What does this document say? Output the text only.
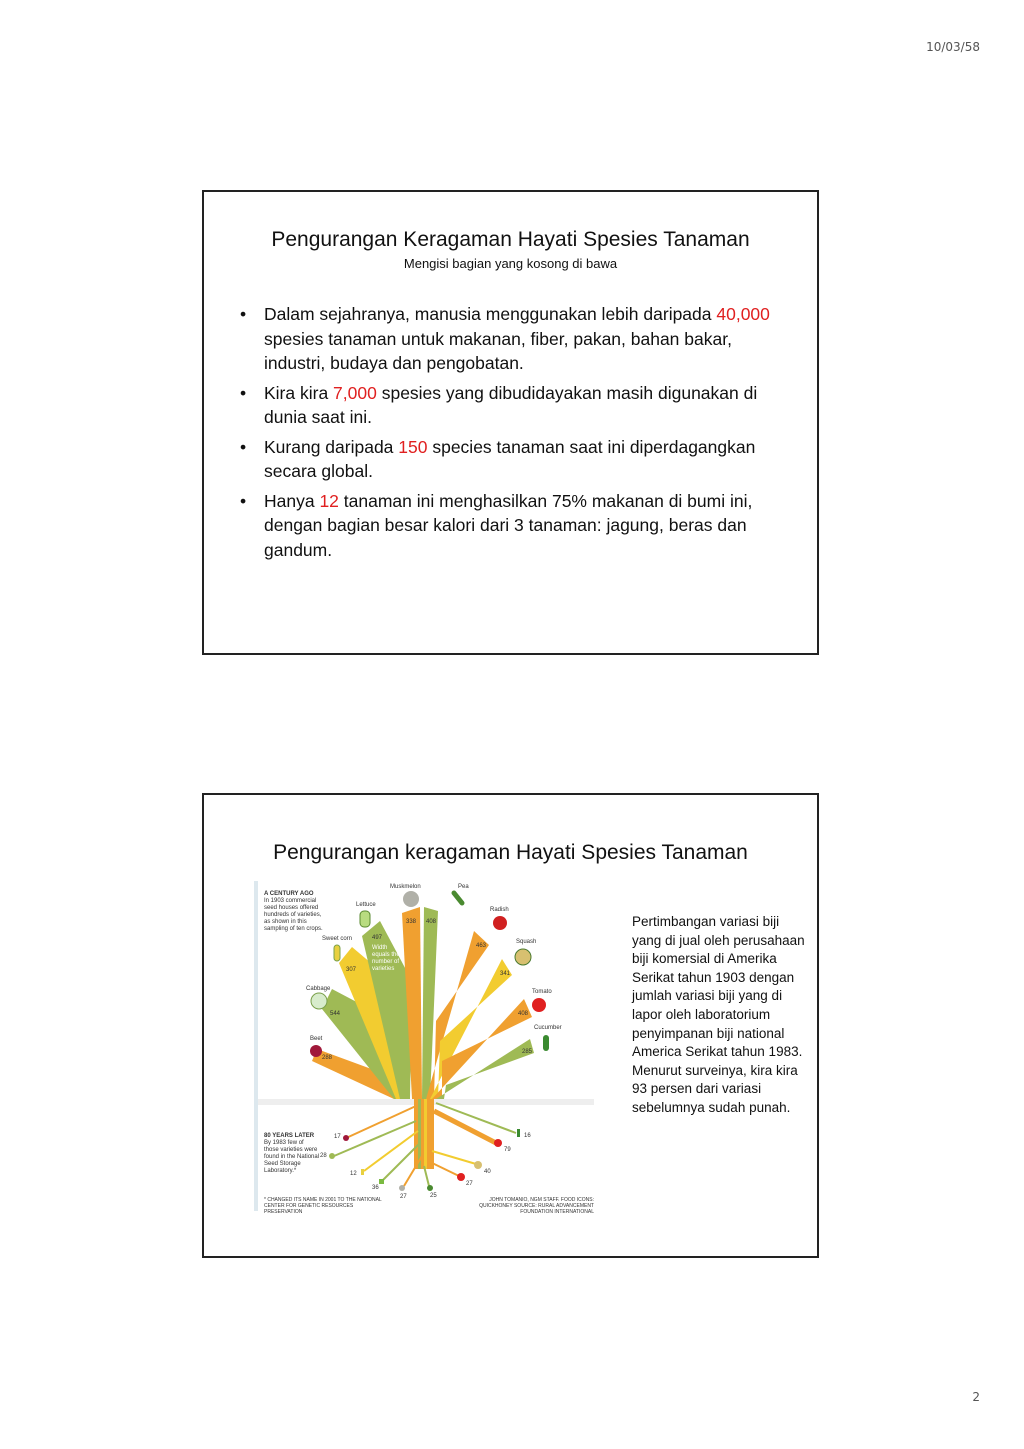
10/03/58
Pengurangan Keragaman Hayati Spesies Tanaman
Mengisi bagian yang kosong di bawa
• Dalam sejahranya, manusia menggunakan lebih daripada 40,000 spesies tanaman untuk makanan, fiber, pakan, bahan bakar, industri, budaya dan pengobatan.
• Kira kira 7,000 spesies yang dibudidayakan masih digunakan di dunia saat ini.
• Kurang daripada 150 species tanaman saat ini diperdagangkan secara global.
• Hanya 12 tanaman ini menghasilkan 75% makanan di bumi ini, dengan bagian besar kalori dari 3 tanaman: jagung, beras dan gandum.
Pengurangan keragaman Hayati Spesies Tanaman
A CENTURY AGO
In 1903 commercial seed houses offered hundreds of varieties, as shown in this sampling of ten crops.
Width equals the number of varieties
80 YEARS LATER
By 1983 few of those varieties were found in the National Seed Storage Laboratory.*
* CHANGED ITS NAME IN 2001 TO THE NATIONAL CENTER FOR GENETIC RESOURCES PRESERVATION
JOHN TOMANIO, NGM STAFF. FOOD ICONS: QUICKHONEY SOURCE: RURAL ADVANCEMENT FOUNDATION INTERNATIONAL
Beet
Cabbage
Sweet corn
Lettuce
Muskmelon	Pea
Radish
Squash
Tomato
Cucumber
288
544
307
497
338 408
463
341
408
285
17
28
12
36
27	25
27
40
79
16
Pertimbangan variasi biji yang di jual oleh perusahaan biji komersial di Amerika Serikat tahun 1903 dengan jumlah variasi biji yang di lapor oleh laboratorium penyimpanan biji national America Serikat tahun 1983. Menurut surveinya, kira kira 93 persen dari variasi sebelumnya sudah punah.
2
